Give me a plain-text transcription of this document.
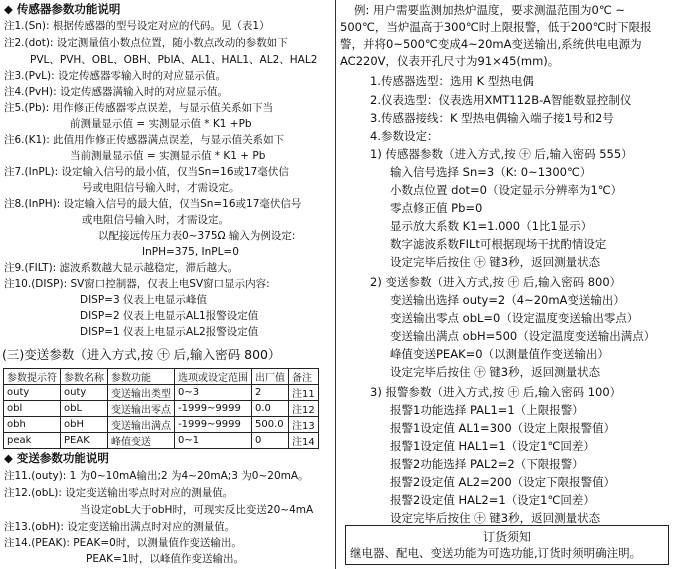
◆ 传感器参数功能说明
注1.(Sn): 根据传感器的型号设定对应的代码。见（表1）
注2.(dot): 设定测量值小数点位置，随小数点改动的参数如下
PVL、PVH、OBL、OBH、PbIA、AL1、HAL1、AL2、HAL2
注3.(PvL): 设定传感器零输入时的对应显示值。
注4.(PvH): 设定传感器满输入时的对应显示值。
注5.(Pb): 用作修正传感器零点误差，与显示值关系如下当
前测量显示值 = 实测显示值 * K1 +Pb
注6.(K1): 此值用作修正传感器满点误差，与显示值关系如下
当前测量显示值 = 实测显示值 * K1 + Pb
注7.(InPL): 设定输入信号的最小值，仅当Sn=16或17毫伏信
号或电阻信号输入时，才需设定。
注8.(InPH): 设定输入信号的最大值，仅当Sn=16或17毫伏信号
或电阻信号输入时，才需设定。
以配接远传压力表0~375Ω 输入为例设定:
InPH=375, InPL=0
注9.(FILT): 滤波系数越大显示越稳定，滞后越大。
注10.(DISP): SV窗口控制器，仅表上电SV窗口显示内容:
DISP=3 仪表上电显示峰值
DISP=2 仪表上电显示AL1报警设定值
DISP=1 仪表上电显示AL2报警设定值
(三)变送参数（进入方式,按 ㊉ 后,输入密码 800）
参数提示符	参数名称	参数功能	选项或设定范围	出厂值	备注
outy	outy	变送输出类型	0~3	2	注11
obl	obL	变送输出零点	-1999~9999	0.0	注12
obh	obH	变送输出满点	-1999~9999	500.0	注13
peak	PEAK	峰值变送	0~1	0	注14
◆ 变送参数功能说明
注11.(outy): 1 为0~10mA输出;2 为4~20mA;3 为0~20mA。
注12.(obL): 设定变送输出零点时对应的测量值。
当设定obL大于obH时，可现实反比变送20~4mA
注13.(obH): 设定变送输出满点时对应的测量值。
注14.(PEAK): PEAK=0时，以测量值作变送输出。
PEAK=1时，以峰值作变送输出。
例: 用户需要监测加热炉温度，要求测温范围为0℃ ~
500℃，当炉温高于300℃时上限报警，低于200℃时下限报
警，并将0~500℃变成4~20mA变送输出,系统供电电源为
AC220V，仪表开孔尺寸为91×45(mm)。
1.传感器选型：选用 K 型热电偶
2.仪表选型：仪表选用XMT112B-A智能数显控制仪
3.传感器接线：K 型热电偶输入端子接1号和2号
4.参数设定：
1) 传感器参数（进入方式,按 ㊉ 后,输入密码 555）
输入信号选择 Sn=3（K: 0~1300℃）
小数点位置 dot=0（设定显示分辨率为1℃）
零点修正值 Pb=0
显示放大系数 K1=1.000（1比1显示）
数字滤波系数FILt可根据现场干扰酌情设定
设定完毕后按住 ㊉ 键3秒，返回测量状态
2) 变送参数（进入方式,按 ㊉ 后,输入密码 800）
变送输出选择 outy=2（4~20mA变送输出）
变送输出零点 obL=0（设定温度变送输出零点）
变送输出满点 obH=500（设定温度变送输出满点）
峰值变送PEAK=0（以测量值作变送输出）
设定完毕后按住 ㊉ 键3秒，返回测量状态
3) 报警参数（进入方式,按 ㊉ 后,输入密码 100）
报警1功能选择 PAL1=1（上限报警）
报警1设定值 AL1=300（设定上限报警值）
报警1设定值 HAL1=1（设定1℃回差）
报警2功能选择 PAL2=2（下限报警）
报警2设定值 AL2=200（设定下限报警值）
报警2设定值 HAL2=1（设定1℃回差）
设定完毕后按住 ㊉ 键3秒，返回测量状态
订货须知
继电器、配电、变送功能为可选功能,订货时须明确注明。
